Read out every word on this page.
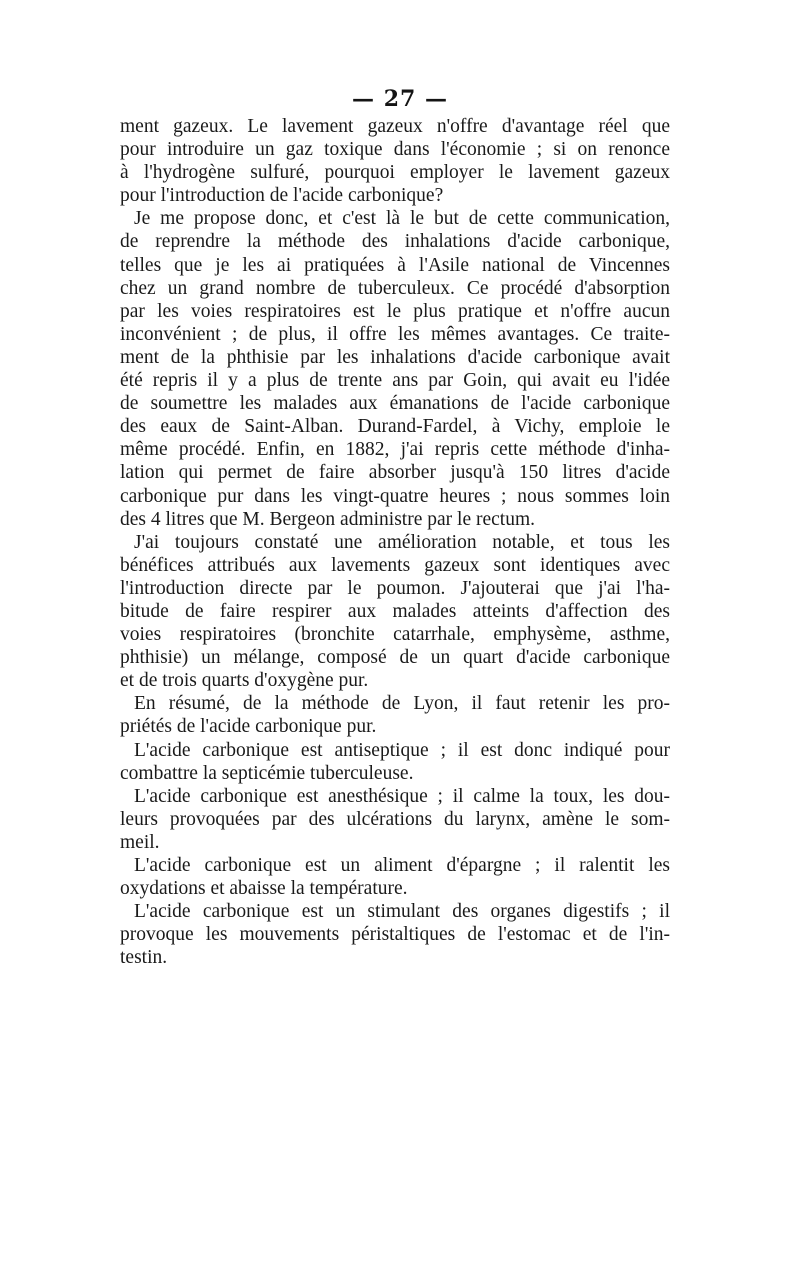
— 27 —
ment gazeux. Le lavement gazeux n'offre d'avantage réel que
pour introduire un gaz toxique dans l'économie ; si on renonce
à l'hydrogène sulfuré, pourquoi employer le lavement gazeux
pour l'introduction de l'acide carbonique?
Je me propose donc, et c'est là le but de cette communication,
de reprendre la méthode des inhalations d'acide carbonique,
telles que je les ai pratiquées à l'Asile national de Vincennes
chez un grand nombre de tuberculeux. Ce procédé d'absorption
par les voies respiratoires est le plus pratique et n'offre aucun
inconvénient ; de plus, il offre les mêmes avantages. Ce traite-
ment de la phthisie par les inhalations d'acide carbonique avait
été repris il y a plus de trente ans par Goin, qui avait eu l'idée
de soumettre les malades aux émanations de l'acide carbonique
des eaux de Saint-Alban. Durand-Fardel, à Vichy, emploie le
même procédé. Enfin, en 1882, j'ai repris cette méthode d'inha-
lation qui permet de faire absorber jusqu'à 150 litres d'acide
carbonique pur dans les vingt-quatre heures ; nous sommes loin
des 4 litres que M. Bergeon administre par le rectum.
J'ai toujours constaté une amélioration notable, et tous les
bénéfices attribués aux lavements gazeux sont identiques avec
l'introduction directe par le poumon. J'ajouterai que j'ai l'ha-
bitude de faire respirer aux malades atteints d'affection des
voies respiratoires (bronchite catarrhale, emphysème, asthme,
phthisie) un mélange, composé de un quart d'acide carbonique
et de trois quarts d'oxygène pur.
En résumé, de la méthode de Lyon, il faut retenir les pro-
priétés de l'acide carbonique pur.
L'acide carbonique est antiseptique ; il est donc indiqué pour
combattre la septicémie tuberculeuse.
L'acide carbonique est anesthésique ; il calme la toux, les dou-
leurs provoquées par des ulcérations du larynx, amène le som-
meil.
L'acide carbonique est un aliment d'épargne ; il ralentit les
oxydations et abaisse la température.
L'acide carbonique est un stimulant des organes digestifs ; il
provoque les mouvements péristaltiques de l'estomac et de l'in-
testin.
